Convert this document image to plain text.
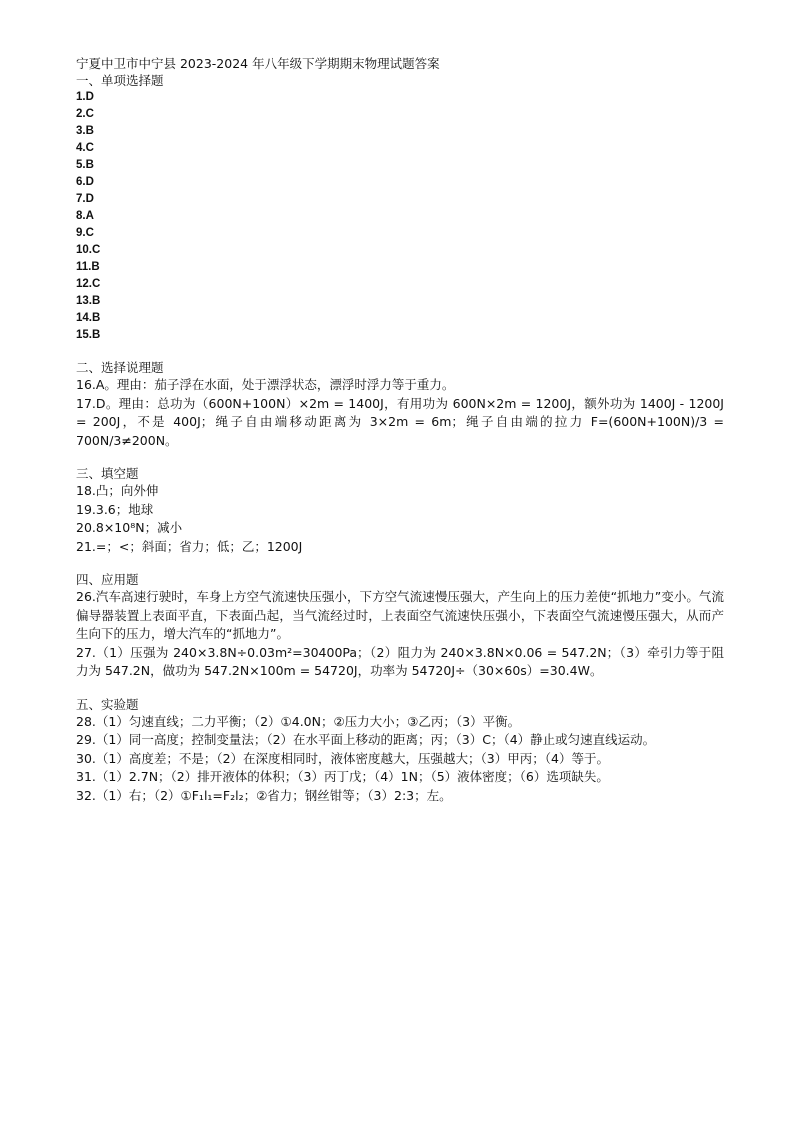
宁夏中卫市中宁县 2023-2024 年八年级下学期期末物理试题答案
一、单项选择题
1.D
2.C
3.B
4.C
5.B
6.D
7.D
8.A
9.C
10.C
11.B
12.C
13.B
14.B
15.B
二、选择说理题

16.A。理由：茄子浮在水面，处于漂浮状态，漂浮时浮力等于重力。

17.D。理由：总功为（600N+100N）×2m = 1400J，有用功为 600N×2m = 1200J，额外功为 1400J - 1200J = 200J，不是 400J；绳子自由端移动距离为 3×2m = 6m；绳子自由端的拉力 F=(600N+100N)/3 = 700N/3≠200N。

三、填空题

18.凸；向外伸

19.3.6；地球

20.8×10⁸N；减小

21.=；<；斜面；省力；低；乙；1200J

四、应用题

26.汽车高速行驶时，车身上方空气流速快压强小，下方空气流速慢压强大，产生向上的压力差使“抓地力”变小。气流偏导器装置上表面平直，下表面凸起，当气流经过时，上表面空气流速快压强小，下表面空气流速慢压强大，从而产生向下的压力，增大汽车的“抓地力”。

27.（1）压强为 240×3.8N÷0.03m²=30400Pa；（2）阻力为 240×3.8N×0.06 = 547.2N；（3）牵引力等于阻力为 547.2N，做功为 547.2N×100m = 54720J，功率为 54720J÷（30×60s）=30.4W。

五、实验题

28.（1）匀速直线；二力平衡；（2）①4.0N；②压力大小；③乙丙；（3）平衡。

29.（1）同一高度；控制变量法；（2）在水平面上移动的距离；丙；（3）C；（4）静止或匀速直线运动。

30.（1）高度差；不是；（2）在深度相同时，液体密度越大，压强越大；（3）甲丙；（4）等于。

31.（1）2.7N；（2）排开液体的体积；（3）丙丁戊；（4）1N；（5）液体密度；（6）选项缺失。

32.（1）右；（2）①F₁l₁=F₂l₂；②省力；钢丝钳等；（3）2:3；左。
